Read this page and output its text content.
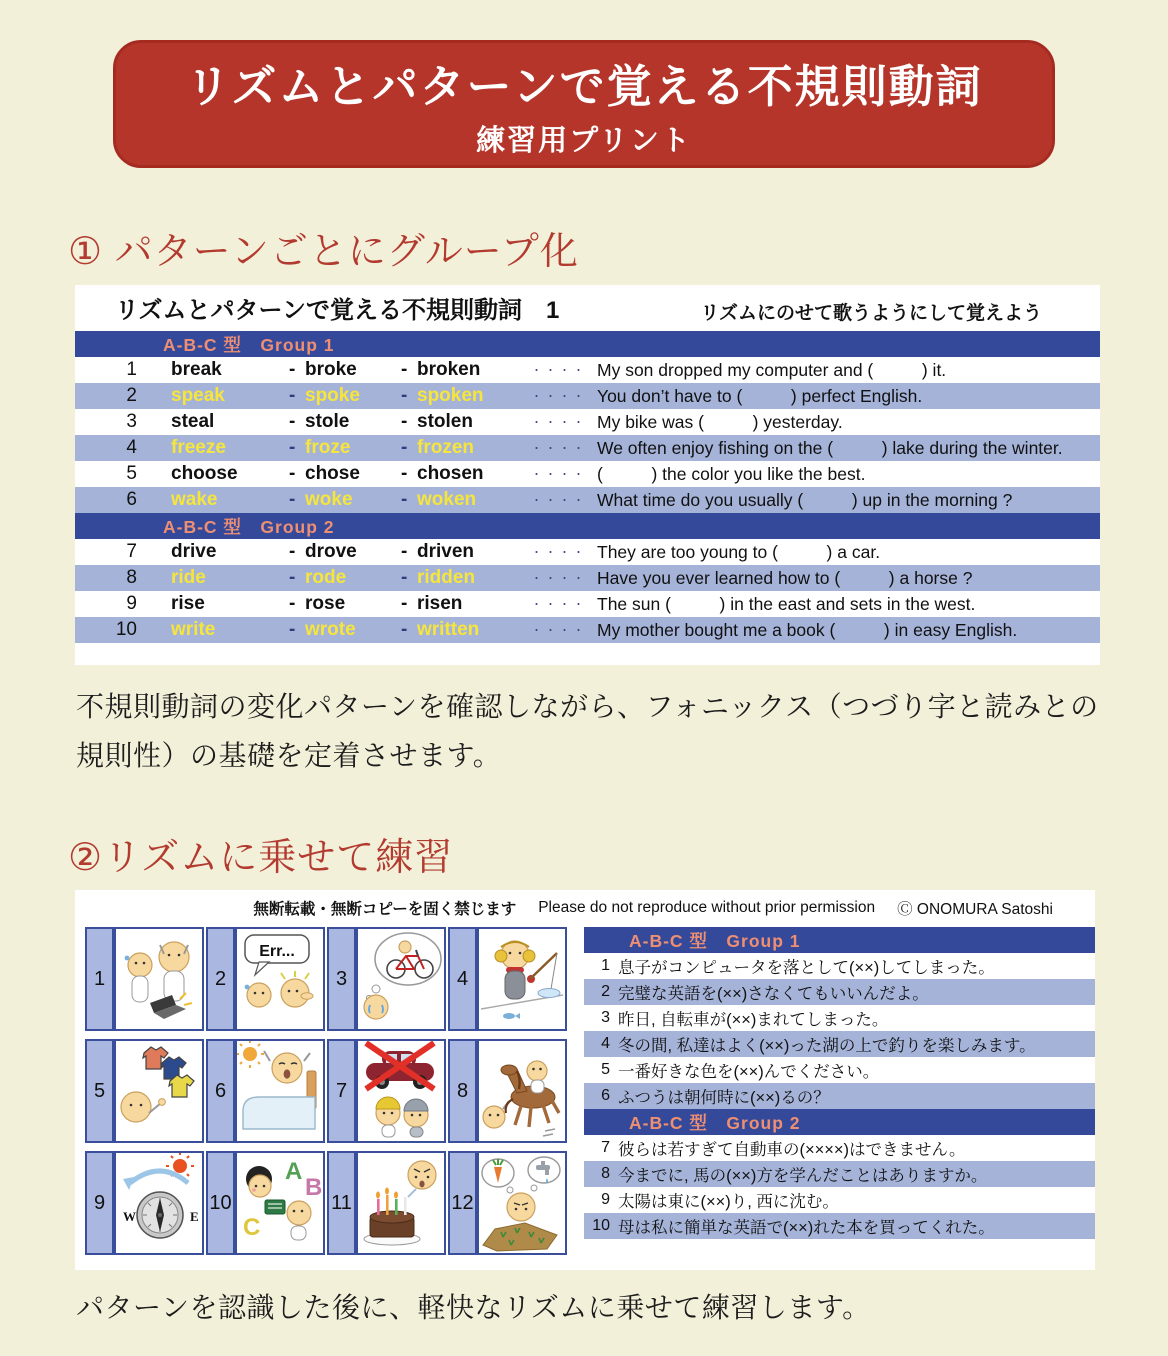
リズムとパターンで覚える不規則動詞
練習用プリント
① パターンごとにグループ化
リズムとパターンで覚える不規則動詞　1	リズムにのせて歌うようにして覚えよう
A-B-C 型　Group 1
1 break	- broke	- broken	・・・・ My son dropped my computer and (          ) it.
2 speak	- spoke	- spoken	・・・・ You don’t have to (          ) perfect English.
3 steal	- stole	- stolen	・・・・ My bike was (          ) yesterday.
4 freeze	- froze	- frozen	・・・・ We often enjoy fishing on the (          ) lake during the winter.
5 choose	- chose	- chosen	・・・・ (          ) the color you like the best.
6 wake	- woke	- woken	・・・・ What time do you usually (          ) up in the morning ?
A-B-C 型　Group 2
7 drive	- drove	- driven	・・・・ They are too young to (          ) a car.
8 ride	- rode	- ridden	・・・・ Have you ever learned how to (          ) a horse ?
9 rise	- rose	- risen	・・・・ The sun (          ) in the east and sets in the west.
10 write	- wrote	- written	・・・・ My mother bought me a book (          ) in easy English.
不規則動詞の変化パターンを確認しながら、フォニックス（つづり字と読みとの規則性）の基礎を定着させます。
②リズムに乗せて練習
無断転載・無断コピーを固く禁じます Please do not reproduce without prior permission Ⓒ ONOMURA Satoshi
1	2
Err...
3	4
5	6	7	8
9
W	E
10
A
B
C
11	12
A-B-C 型　Group 1
1 息子がコンピュータを落として(××)してしまった。
2 完璧な英語を(××)さなくてもいいんだよ。
3 昨日, 自転車が(××)まれてしまった。
4 冬の間, 私達はよく(××)った湖の上で釣りを楽しみます。
5 一番好きな色を(××)んでください。
6 ふつうは朝何時に(××)るの？
A-B-C 型　Group 2
7 彼らは若すぎて自動車の(××××)はできません。
8 今までに, 馬の(××)方を学んだことはありますか。
9 太陽は東に(××)り, 西に沈む。
10 母は私に簡単な英語で(××)れた本を買ってくれた。
パターンを認識した後に、軽快なリズムに乗せて練習します。
